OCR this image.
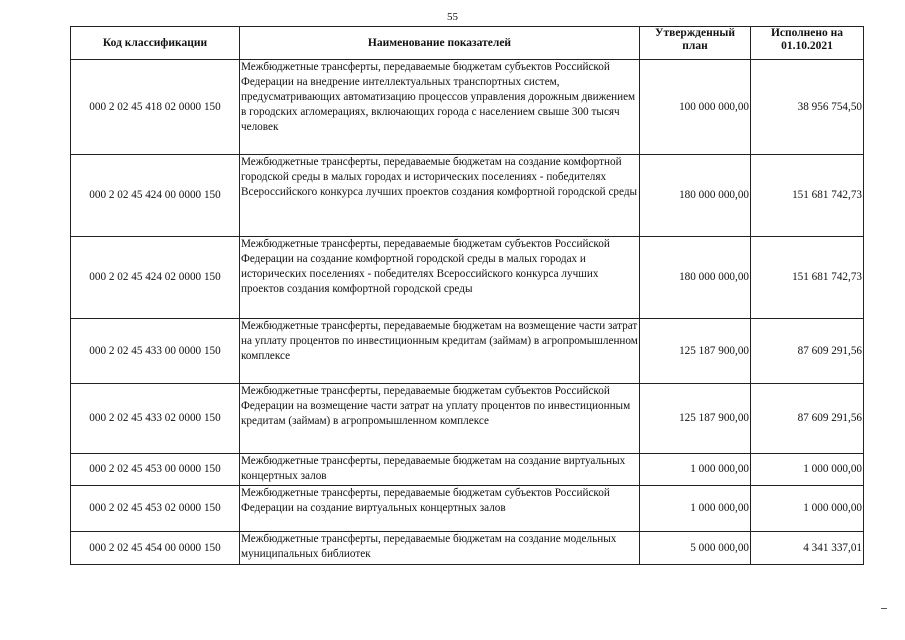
55
Код классификации	Наименование показателей	Утвержденный план	Исполнено на 01.10.2021
000 2 02 45 418 02 0000 150	Межбюджетные трансферты, передаваемые бюджетам субъектов Российской Федерации на внедрение интеллектуальных транспортных систем, предусматривающих автоматизацию процессов управления дорожным движением в городских агломерациях, включающих города с населением свыше 300 тысяч человек	100 000 000,00	38 956 754,50
000 2 02 45 424 00 0000 150	Межбюджетные трансферты, передаваемые бюджетам на создание комфортной городской среды в малых городах и исторических поселениях - победителях Всероссийского конкурса лучших проектов создания комфортной городской среды	180 000 000,00	151 681 742,73
000 2 02 45 424 02 0000 150	Межбюджетные трансферты, передаваемые бюджетам субъектов Российской Федерации на создание комфортной городской среды в малых городах и исторических поселениях - победителях Всероссийского конкурса лучших проектов создания комфортной городской среды	180 000 000,00	151 681 742,73
000 2 02 45 433 00 0000 150	Межбюджетные трансферты, передаваемые бюджетам на возмещение части затрат на уплату процентов по инвестиционным кредитам (займам) в агропромышленном комплексе	125 187 900,00	87 609 291,56
000 2 02 45 433 02 0000 150	Межбюджетные трансферты, передаваемые бюджетам субъектов Российской Федерации на возмещение части затрат на уплату процентов по инвестиционным кредитам (займам) в агропромышленном комплексе	125 187 900,00	87 609 291,56
000 2 02 45 453 00 0000 150	Межбюджетные трансферты, передаваемые бюджетам на создание виртуальных концертных залов	1 000 000,00	1 000 000,00
000 2 02 45 453 02 0000 150	Межбюджетные трансферты, передаваемые бюджетам субъектов Российской Федерации на создание виртуальных концертных залов	1 000 000,00	1 000 000,00
000 2 02 45 454 00 0000 150	Межбюджетные трансферты, передаваемые бюджетам на создание модельных муниципальных библиотек	5 000 000,00	4 341 337,01
